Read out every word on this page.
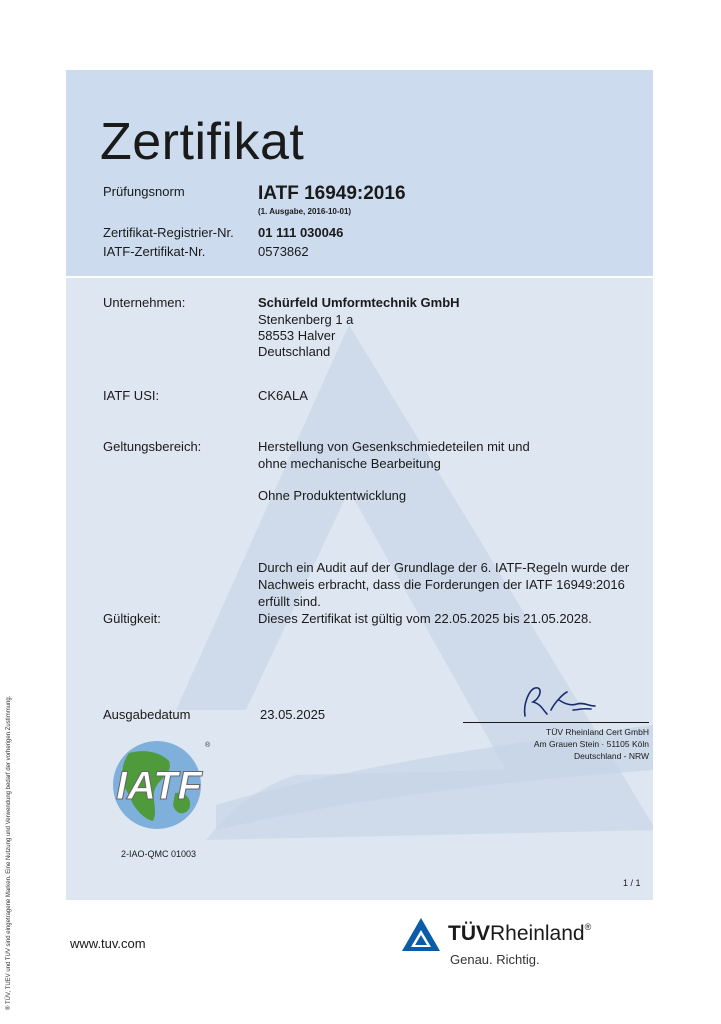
® TÜV, TUEV und TUV sind eingetragene Marken. Eine Nutzung und Verwendung bedarf der vorherigen Zustimmung.
Zertifikat
Prüfungsnorm	IATF 16949:2016
(1. Ausgabe, 2016-10-01)
Zertifikat-Registrier-Nr. 01 111 030046
IATF-Zertifikat-Nr.	0573862
Unternehmen:	Schürfeld Umformtechnik GmbH
Stenkenberg 1 a
58553 Halver
Deutschland
IATF USI:	CK6ALA
Geltungsbereich:	Herstellung von Gesenkschmiedeteilen mit und
ohne mechanische Bearbeitung
Ohne Produktentwicklung
Durch ein Audit auf der Grundlage der 6. IATF-Regeln wurde der
Nachweis erbracht, dass die Forderungen der IATF 16949:2016
erfüllt sind.
Gültigkeit:	Dieses Zertifikat ist gültig vom 22.05.2025 bis 21.05.2028.
Ausgabedatum	23.05.2025
TÜV Rheinland Cert GmbH
Am Grauen Stein · 51105 Köln
Deutschland - NRW
1 / 1
IATF
®
2-IAO-QMC 01003
www.tuv.com	TÜVRheinland®
Genau. Richtig.
